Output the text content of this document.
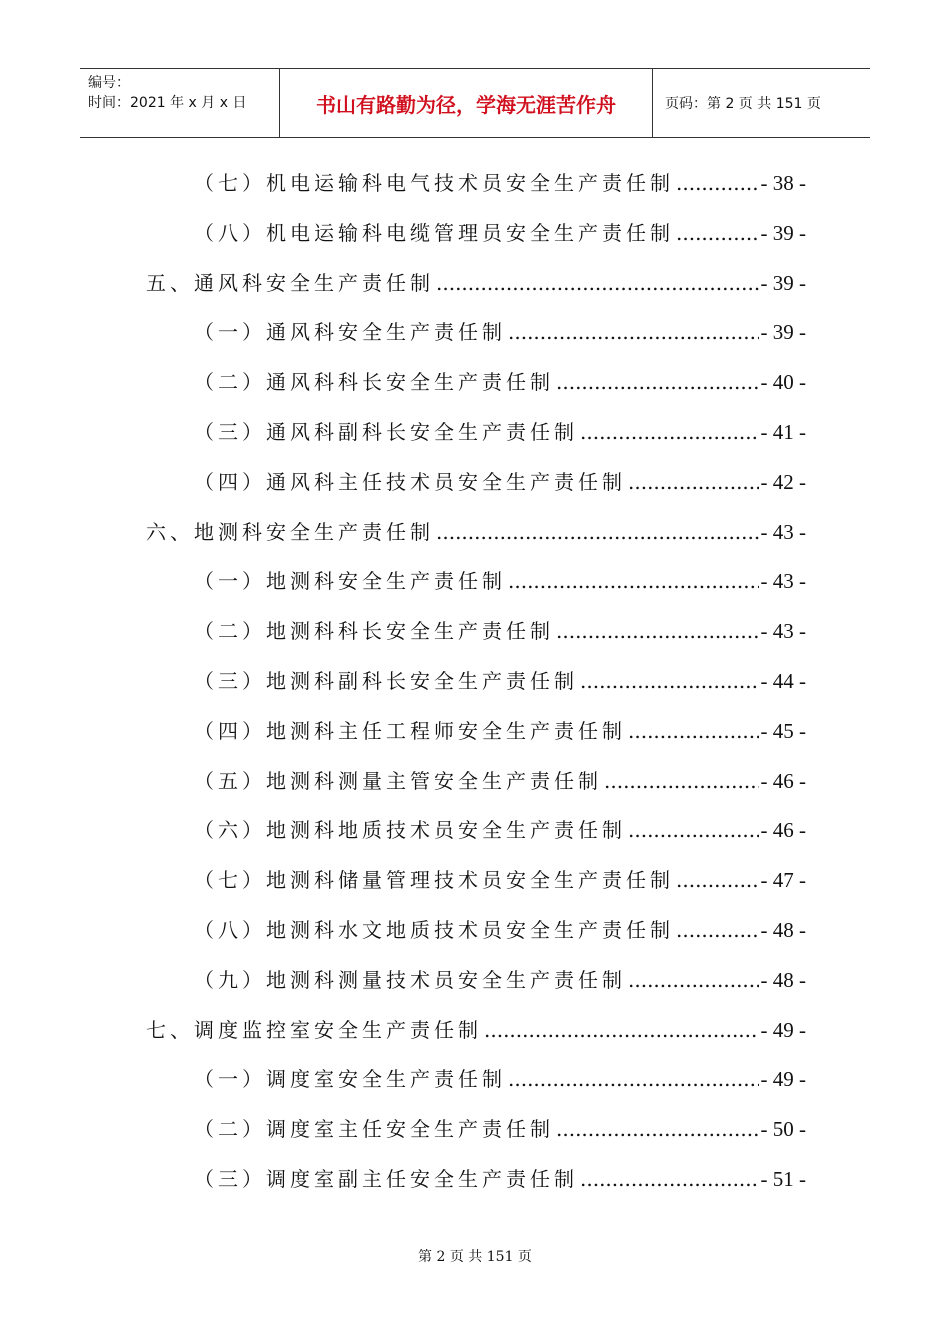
编号：
时间：2021 年 x 月 x 日	书山有路勤为径，学海无涯苦作舟	页码：第 2 页 共 151 页
（七）机电运输科电气技术员安全生产责任制 .....	- 38 -
（八）机电运输科电缆管理员安全生产责任制 .....	- 39 -
五、通风科安全生产责任制 .....	- 39 -
（一）通风科安全生产责任制 .....	- 39 -
（二）通风科科长安全生产责任制 .....	- 40 -
（三）通风科副科长安全生产责任制 .....	- 41 -
（四）通风科主任技术员安全生产责任制 .....	- 42 -
六、地测科安全生产责任制 .....	- 43 -
（一）地测科安全生产责任制 .....	- 43 -
（二）地测科科长安全生产责任制 .....	- 43 -
（三）地测科副科长安全生产责任制 .....	- 44 -
（四）地测科主任工程师安全生产责任制 .....	- 45 -
（五）地测科测量主管安全生产责任制 .....	- 46 -
（六）地测科地质技术员安全生产责任制 .....	- 46 -
（七）地测科储量管理技术员安全生产责任制 .....	- 47 -
（八）地测科水文地质技术员安全生产责任制 .....	- 48 -
（九）地测科测量技术员安全生产责任制 .....	- 48 -
七、调度监控室安全生产责任制 .....	- 49 -
（一）调度室安全生产责任制 .....	- 49 -
（二）调度室主任安全生产责任制 .....	- 50 -
（三）调度室副主任安全生产责任制 .....	- 51 -
第 2 页 共 151 页
